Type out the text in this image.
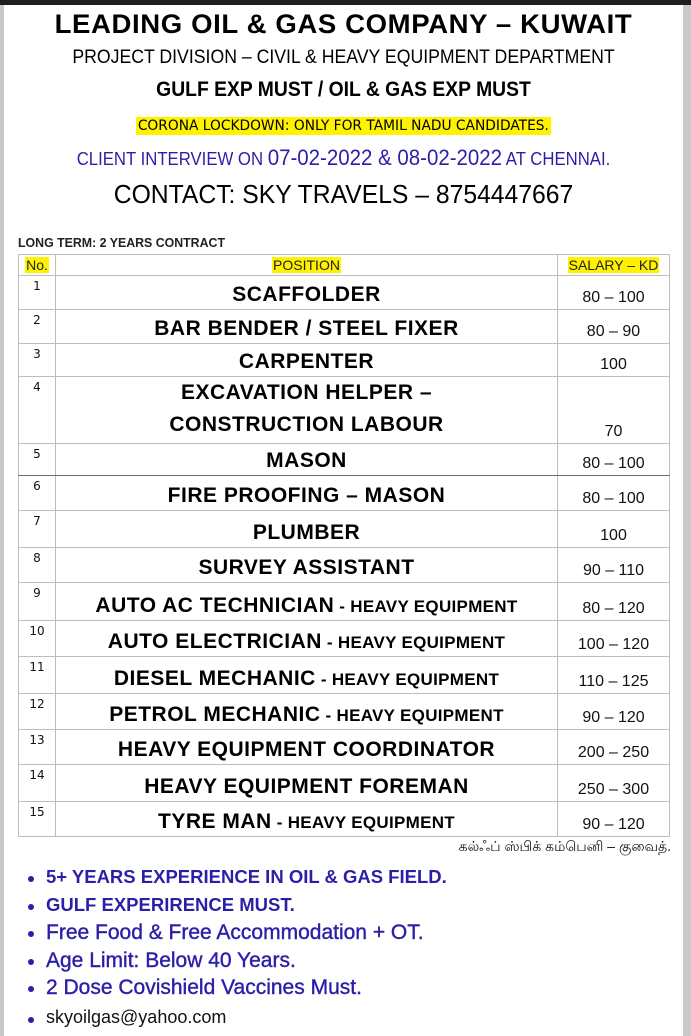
LEADING OIL & GAS COMPANY – KUWAIT
PROJECT DIVISION – CIVIL & HEAVY EQUIPMENT DEPARTMENT
GULF EXP MUST / OIL & GAS EXP MUST
CORONA LOCKDOWN: ONLY FOR TAMIL NADU CANDIDATES.
CLIENT INTERVIEW ON 07-02-2022 & 08-02-2022 AT CHENNAI.
CONTACT: SKY TRAVELS – 8754447667
LONG TERM: 2 YEARS CONTRACT
No.	POSITION	SALARY – KD
1	SCAFFOLDER	80 – 100
2	BAR BENDER / STEEL FIXER	80 – 90
3	CARPENTER	100
4	EXCAVATION HELPER –
CONSTRUCTION LABOUR	70
5	MASON	80 – 100
6	FIRE PROOFING – MASON	80 – 100
7	PLUMBER	100
8	SURVEY ASSISTANT	90 – 110
9	AUTO AC TECHNICIAN - HEAVY EQUIPMENT	80 – 120
10	AUTO ELECTRICIAN - HEAVY EQUIPMENT	100 – 120
11	DIESEL MECHANIC - HEAVY EQUIPMENT	110 – 125
12	PETROL MECHANIC - HEAVY EQUIPMENT	90 – 120
13	HEAVY EQUIPMENT COORDINATOR	200 – 250
14	HEAVY EQUIPMENT FOREMAN	250 – 300
15	TYRE MAN - HEAVY EQUIPMENT	90 – 120
கல்ஃப் ஸ்பிக் கம்பெனி – குவைத்.
5+ YEARS EXPERIENCE IN OIL & GAS FIELD.
GULF EXPERIRENCE MUST.
Free Food & Free Accommodation + OT.
Age Limit: Below 40 Years.
2 Dose Covishield Vaccines Must.
skyoilgas@yahoo.com
